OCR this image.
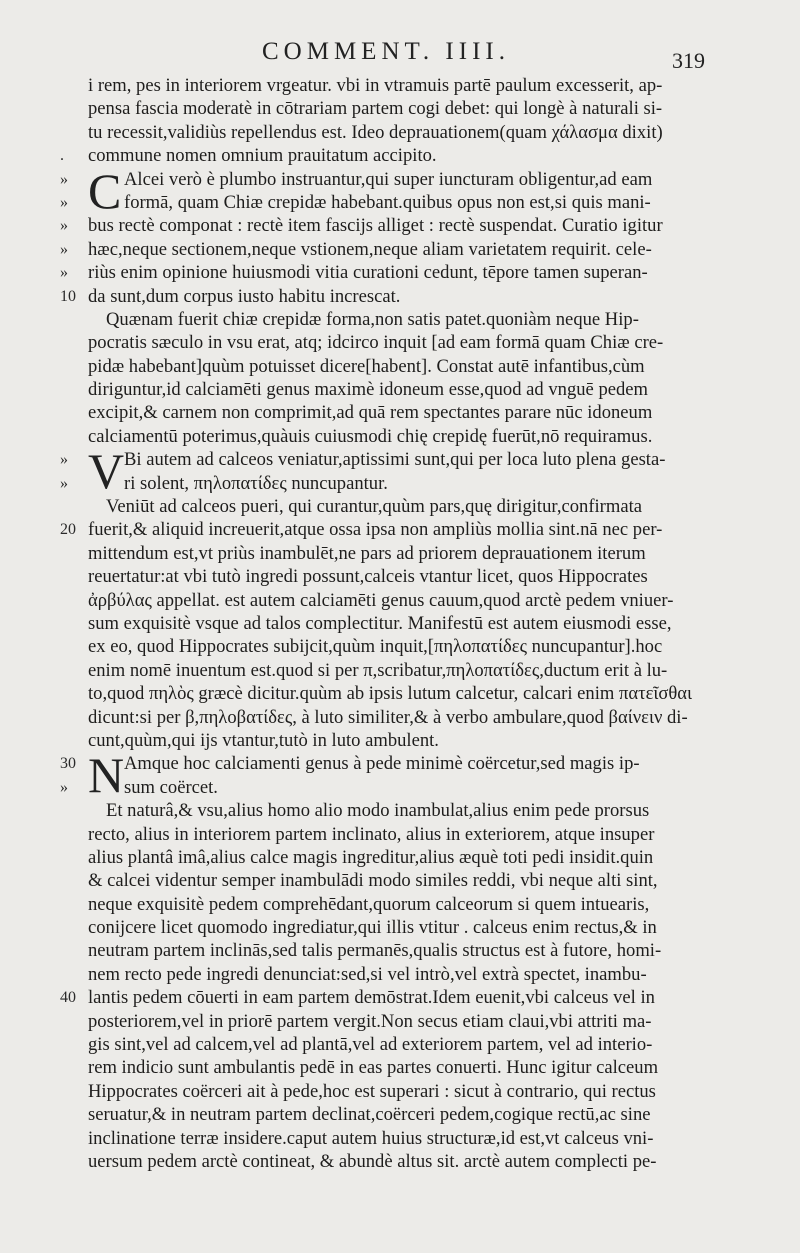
COMMENT. IIII.	319
i rem, pes in interiorem vrgeatur. vbi in vtramuis partē paulum excesserit, ap-
pensa fascia moderatè in cōtrariam partem cogi debet: qui longè à naturali si-
tu recessit,validiùs repellendus est. Ideo deprauationem(quam χάλασμα dixit)
.	commune nomen omnium prauitatum accipito.
» C Alcei verò è plumbo instruantur,qui super iuncturam obligentur,ad eam
»	formā, quam Chiæ crepidæ habebant.quibus opus non est,si quis mani-
»	bus rectè componat : rectè item fascijs alliget : rectè suspendat. Curatio igitur
»	hæc,neque sectionem,neque vstionem,neque aliam varietatem requirit. cele-
»	riùs enim opinione huiusmodi vitia curationi cedunt, tēpore tamen superan-
10 da sunt,dum corpus iusto habitu increscat.
Quænam fuerit chiæ crepidæ forma,non satis patet.quoniàm neque Hip-
pocratis sæculo in vsu erat, atq; idcirco inquit [ad eam formā quam Chiæ cre-
pidæ habebant]quùm potuisset dicere[habent]. Constat autē infantibus,cùm
diriguntur,id calciamēti genus maximè idoneum esse,quod ad vnguē pedem
excipit,& carnem non comprimit,ad quā rem spectantes parare nūc idoneum
calciamentū poterimus,quàuis cuiusmodi chię crepidę fuerūt,nō requiramus.
» V Bi autem ad calceos veniatur,aptissimi sunt,qui per loca luto plena gesta-
»	ri solent, πηλοπατίδες nuncupantur.
Veniūt ad calceos pueri, qui curantur,quùm pars,quę dirigitur,confirmata
20 fuerit,& aliquid increuerit,atque ossa ipsa non ampliùs mollia sint.nā nec per-
mittendum est,vt priùs inambulēt,ne pars ad priorem deprauationem iterum
reuertatur:at vbi tutò ingredi possunt,calceis vtantur licet, quos Hippocrates
ἀρβύλας appellat. est autem calciamēti genus cauum,quod arctè pedem vniuer-
sum exquisitè vsque ad talos complectitur. Manifestū est autem eiusmodi esse,
ex eo, quod Hippocrates subijcit,quùm inquit,[πηλοπατίδες nuncupantur].hoc
enim nomē inuentum est.quod si per π,scribatur,πηλοπατίδες,ductum erit à lu-
to,quod πηλὸς græcè dicitur.quùm ab ipsis lutum calcetur, calcari enim πατεῖσθαι
dicunt:si per β,πηλοβατίδες, à luto similiter,& à verbo ambulare,quod βαίνειν di-
cunt,quùm,qui ijs vtantur,tutò in luto ambulent.
30 N Amque hoc calciamenti genus à pede minimè coërcetur,sed magis ip-
»	sum coërcet.
Et naturâ,& vsu,alius homo alio modo inambulat,alius enim pede prorsus
recto, alius in interiorem partem inclinato, alius in exteriorem, atque insuper
alius plantâ imâ,alius calce magis ingreditur,alius æquè toti pedi insidit.quin
& calcei videntur semper inambulādi modo similes reddi, vbi neque alti sint,
neque exquisitè pedem comprehēdant,quorum calceorum si quem intuearis,
conijcere licet quomodo ingrediatur,qui illis vtitur . calceus enim rectus,& in
neutram partem inclinās,sed talis permanēs,qualis structus est à futore, homi-
nem recto pede ingredi denunciat:sed,si vel intrò,vel extrà spectet, inambu-
40 lantis pedem cōuerti in eam partem demōstrat.Idem euenit,vbi calceus vel in
posteriorem,vel in priorē partem vergit.Non secus etiam claui,vbi attriti ma-
gis sint,vel ad calcem,vel ad plantā,vel ad exteriorem partem, vel ad interio-
rem indicio sunt ambulantis pedē in eas partes conuerti. Hunc igitur calceum
Hippocrates coërceri ait à pede,hoc est superari : sicut à contrario, qui rectus
seruatur,& in neutram partem declinat,coërceri pedem,cogique rectū,ac sine
inclinatione terræ insidere.caput autem huius structuræ,id est,vt calceus vni-
uersum pedem arctè contineat, & abundè altus sit. arctè autem complecti pe-
